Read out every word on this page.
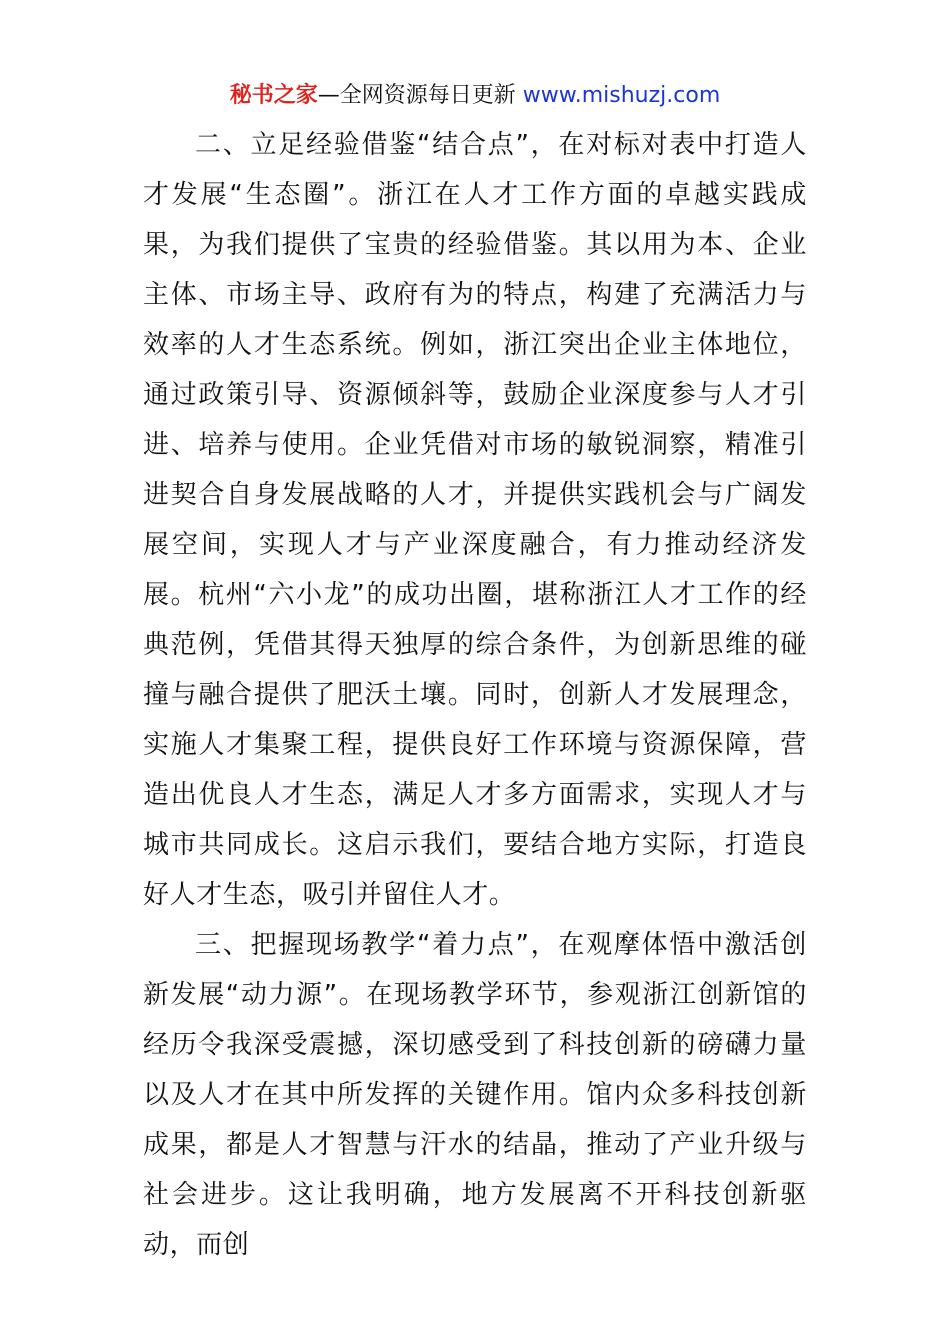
秘书之家—全网资源每日更新 www.mishuzj.com

二、立足经验借鉴“结合点”，在对标对表中打造人才发展“生态圈”。浙江在人才工作方面的卓越实践成果，为我们提供了宝贵的经验借鉴。其以用为本、企业主体、市场主导、政府有为的特点，构建了充满活力与效率的人才生态系统。例如，浙江突出企业主体地位，通过政策引导、资源倾斜等，鼓励企业深度参与人才引进、培养与使用。企业凭借对市场的敏锐洞察，精准引进契合自身发展战略的人才，并提供实践机会与广阔发展空间，实现人才与产业深度融合，有力推动经济发展。杭州“六小龙”的成功出圈，堪称浙江人才工作的经典范例，凭借其得天独厚的综合条件，为创新思维的碰撞与融合提供了肥沃土壤。同时，创新人才发展理念，实施人才集聚工程，提供良好工作环境与资源保障，营造出优良人才生态，满足人才多方面需求，实现人才与城市共同成长。这启示我们，要结合地方实际，打造良好人才生态，吸引并留住人才。

三、把握现场教学“着力点”，在观摩体悟中激活创新发展“动力源”。在现场教学环节，参观浙江创新馆的经历令我深受震撼，深切感受到了科技创新的磅礴力量以及人才在其中所发挥的关键作用。馆内众多科技创新成果，都是人才智慧与汗水的结晶，推动了产业升级与社会进步。这让我明确，地方发展离不开科技创新驱动，而创
